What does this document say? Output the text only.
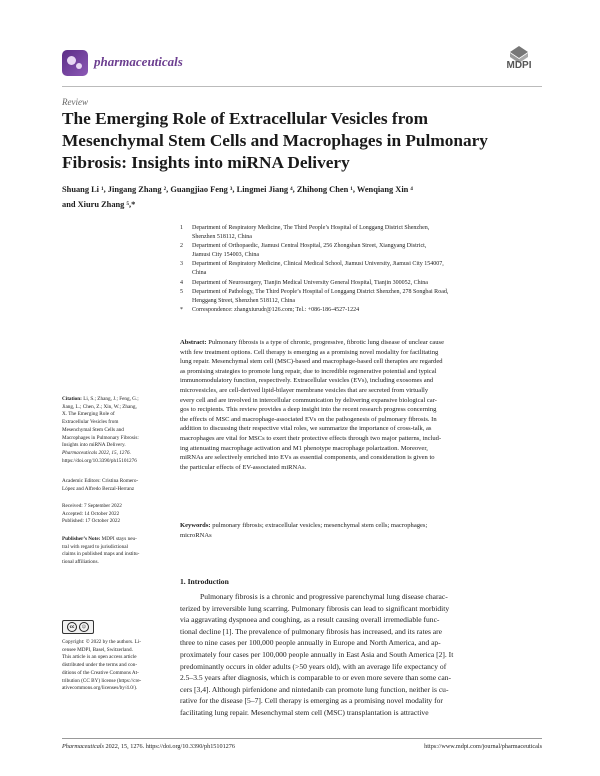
pharmaceuticals	MDPI
Review
The Emerging Role of Extracellular Vesicles from
Mesenchymal Stem Cells and Macrophages in Pulmonary
Fibrosis: Insights into miRNA Delivery
Shuang Li ¹, Jingang Zhang ², Guangjiao Feng ³, Lingmei Jiang ⁴, Zhihong Chen ¹, Wenqiang Xin ⁴
and Xiuru Zhang ⁵,*
1	Department of Respiratory Medicine, The Third People’s Hospital of Longgang District Shenzhen,
Shenzhen 518112, China
2	Department of Orthopaedic, Jiamusi Central Hospital, 256 Zhongshan Street, Xiangyang District,
Jiamusi City 154003, China
3	Department of Respiratory Medicine, Clinical Medical School, Jiamusi University, Jiamusi City 154007,
China
4	Department of Neurosurgery, Tianjin Medical University General Hospital, Tianjin 300052, China
5	Department of Pathology, The Third People’s Hospital of Longgang District Shenzhen, 278 Songbai Road,
Henggang Street, Shenzhen 518112, China
*	Correspondence: zhangxiurudr@126.com; Tel.: +086-186-4527-1224
Abstract: Pulmonary fibrosis is a type of chronic, progressive, fibrotic lung disease of unclear cause
with few treatment options. Cell therapy is emerging as a promising novel modality for facilitating
lung repair. Mesenchymal stem cell (MSC)-based and macrophage-based cell therapies are regarded
as promising strategies to promote lung repair, due to incredible regenerative potential and typical
immunomodulatory function, respectively. Extracellular vesicles (EVs), including exosomes and
microvesicles, are cell-derived lipid-bilayer membrane vesicles that are secreted from virtually
every cell and are involved in intercellular communication by delivering expansive biological car-
gos to recipients. This review provides a deep insight into the recent research progress concerning
the effects of MSC and macrophage-associated EVs on the pathogenesis of pulmonary fibrosis. In
addition to discussing their respective vital roles, we summarize the importance of cross-talk, as
macrophages are vital for MSCs to exert their protective effects through two major patterns, includ-
ing attenuating macrophage activation and M1 phenotype macrophage polarization. Moreover,
miRNAs are selectively enriched into EVs as essential components, and consideration is given to
the particular effects of EV-associated miRNAs.
Keywords: pulmonary fibrosis; extracellular vesicles; mesenchymal stem cells; macrophages;
microRNAs
1. Introduction
Pulmonary fibrosis is a chronic and progressive parenchymal lung disease charac-
terized by irreversible lung scarring. Pulmonary fibrosis can lead to significant morbidity
via aggravating dyspnoea and coughing, as a result causing overall irremediable func-
tional decline [1]. The prevalence of pulmonary fibrosis has increased, and its rates are
three to nine cases per 100,000 people annually in Europe and North America, and ap-
proximately four cases per 100,000 people annually in East Asia and South America [2]. It
predominantly occurs in older adults (>50 years old), with an average life expectancy of
2.5–3.5 years after diagnosis, which is comparable to or even more severe than some can-
cers [3,4]. Although pirfenidone and nintedanib can promote lung function, neither is cu-
rative for the disease [5–7]. Cell therapy is emerging as a promising novel modality for
facilitating lung repair. Mesenchymal stem cell (MSC) transplantation is attractive
Citation: Li, S.; Zhang, J.; Feng, G.;
Jiang, L.; Chen, Z.; Xin, W.; Zhang,
X. The Emerging Role of
Extracellular Vesicles from
Mesenchymal Stem Cells and
Macrophages in Pulmonary Fibrosis:
Insights into miRNA Delivery.
Pharmaceuticals 2022, 15, 1276.
https://doi.org/10.3390/ph15101276
Academic Editors: Cristina Romero-
López and Alfredo Berzal-Herranz
Received: 7 September 2022
Accepted: 14 October 2022
Published: 17 October 2022
Publisher’s Note: MDPI stays neu-
tral with regard to jurisdictional
claims in published maps and institu-
tional affiliations.
Copyright: © 2022 by the authors. Li-
censee MDPI, Basel, Switzerland.
This article is an open access article
distributed under the terms and con-
ditions of the Creative Commons At-
tribution (CC BY) license (https://cre-
ativecommons.org/licenses/by/4.0/).
cc	☺
Pharmaceuticals 2022, 15, 1276. https://doi.org/10.3390/ph15101276	https://www.mdpi.com/journal/pharmaceuticals
